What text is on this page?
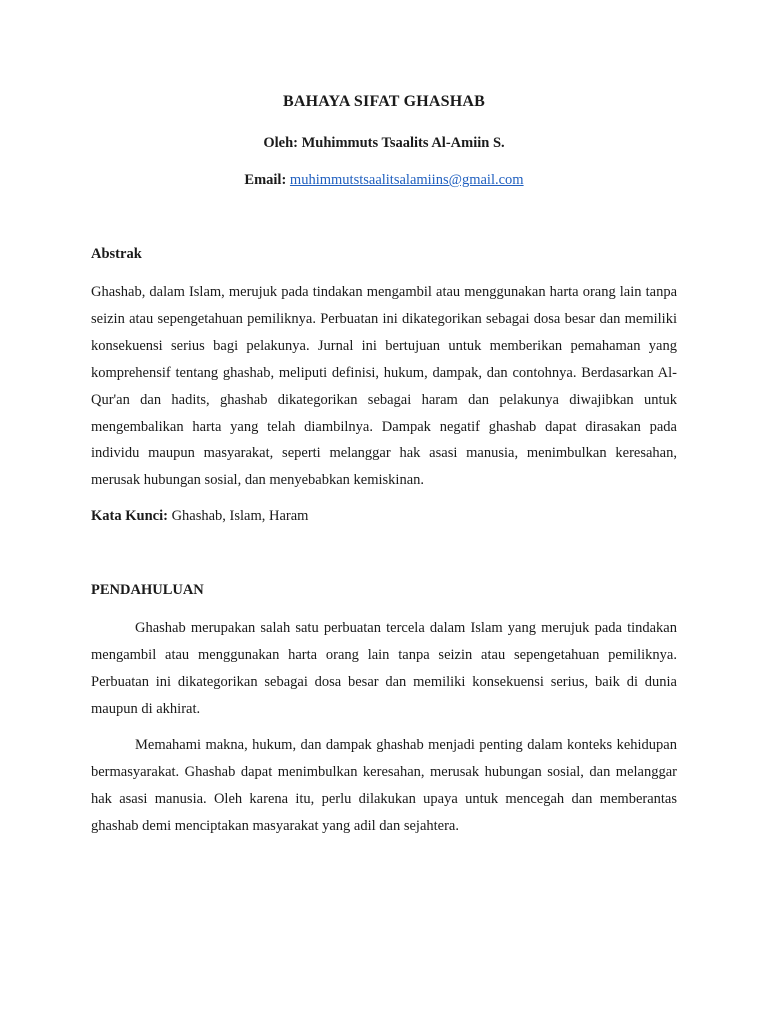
BAHAYA SIFAT GHASHAB
Oleh: Muhimmuts Tsaalits Al-Amiin S.
Email: muhimmutstsaalitsalamiins@gmail.com
Abstrak

Ghashab, dalam Islam, merujuk pada tindakan mengambil atau menggunakan harta orang lain tanpa seizin atau sepengetahuan pemiliknya. Perbuatan ini dikategorikan sebagai dosa besar dan memiliki konsekuensi serius bagi pelakunya. Jurnal ini bertujuan untuk memberikan pemahaman yang komprehensif tentang ghashab, meliputi definisi, hukum, dampak, dan contohnya. Berdasarkan Al-Qur'an dan hadits, ghashab dikategorikan sebagai haram dan pelakunya diwajibkan untuk mengembalikan harta yang telah diambilnya. Dampak negatif ghashab dapat dirasakan pada individu maupun masyarakat, seperti melanggar hak asasi manusia, menimbulkan keresahan, merusak hubungan sosial, dan menyebabkan kemiskinan.

Kata Kunci: Ghashab, Islam, Haram
PENDAHULUAN

Ghashab merupakan salah satu perbuatan tercela dalam Islam yang merujuk pada tindakan mengambil atau menggunakan harta orang lain tanpa seizin atau sepengetahuan pemiliknya. Perbuatan ini dikategorikan sebagai dosa besar dan memiliki konsekuensi serius, baik di dunia maupun di akhirat.

Memahami makna, hukum, dan dampak ghashab menjadi penting dalam konteks kehidupan bermasyarakat. Ghashab dapat menimbulkan keresahan, merusak hubungan sosial, dan melanggar hak asasi manusia. Oleh karena itu, perlu dilakukan upaya untuk mencegah dan memberantas ghashab demi menciptakan masyarakat yang adil dan sejahtera.
